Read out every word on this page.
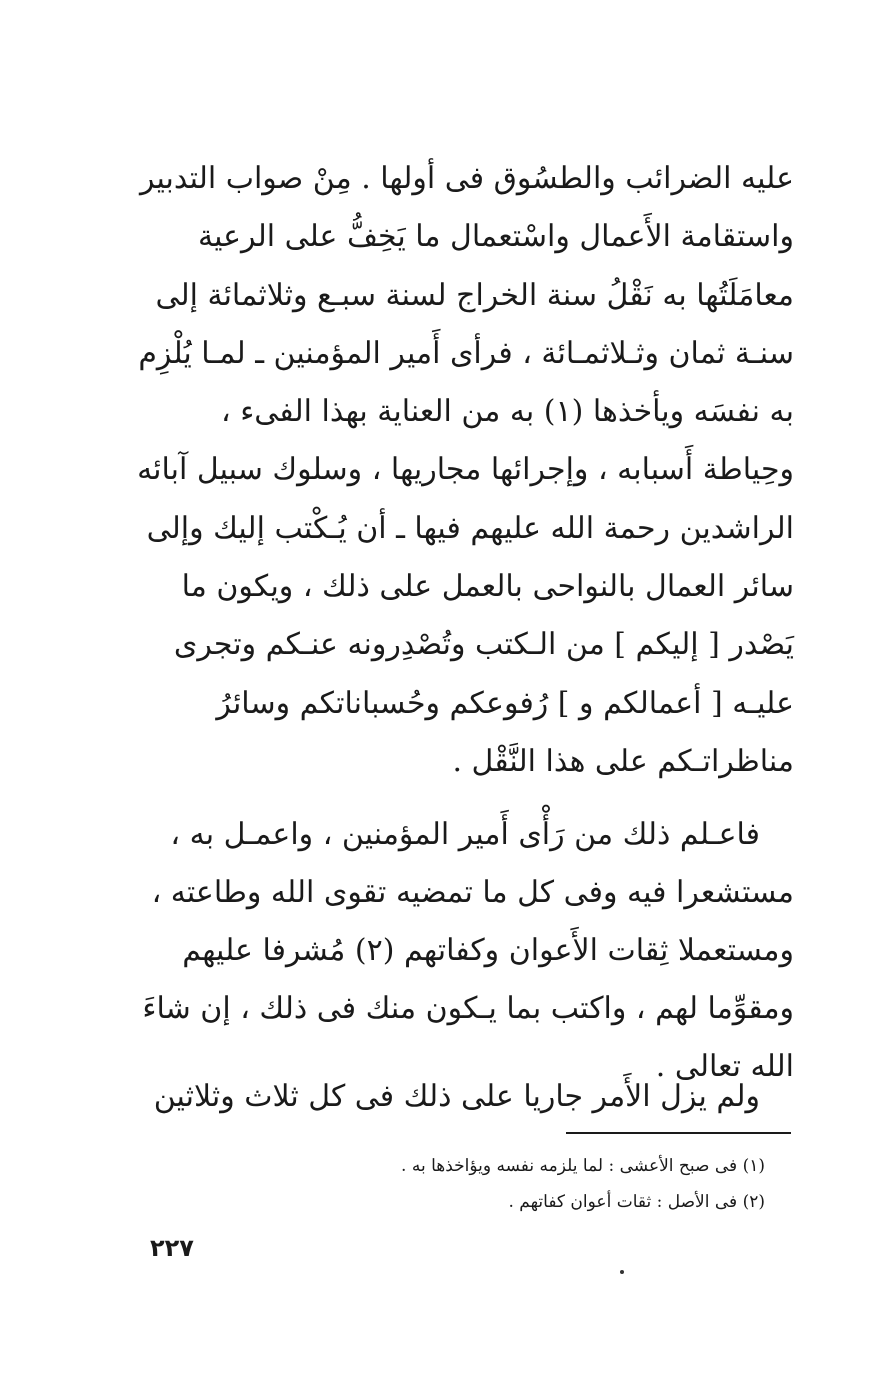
عليه الضرائب والطسُوق فى أولها . مِنْ صواب التدبير واستقامة الأَعمال واسْتعمال ما يَخِفُّ على الرعية معامَلَتُها به نَقْلُ سنة الخراج لسنة سبـع وثلاثمائة إلى سنـة ثمان وثـلاثمـائة ، فرأى أَمير المؤمنين ـ لمـا يُلْزِم به نفسَه ويأخذها (١) به من العناية بهذا الفىء ، وحِياطة أَسبابه ، وإجرائها مجاريها ، وسلوك سبيل آبائه الراشدين رحمة الله عليهم فيها ـ أن يُـكْتب إليك وإلى سائر العمال بالنواحى بالعمل على ذلك ، ويكون ما يَصْدر [ إليكم ] من الـكتب وتُصْدِرونه عنـكم وتجرى عليـه [ أعمالكم و ] رُفوعكم وحُسباناتكم وسائرُ مناظراتـكم على هذا النَّقْل .

فاعـلم ذلك من رَأْى أَمير المؤمنين ، واعمـل به ، مستشعرا فيه وفى كل ما تمضيه تقوى الله وطاعته ، ومستعملا ثِقات الأَعوان وكفاتهم (٢) مُشرفا عليهم ومقوِّما لهم ، واكتب بما يـكون منك فى ذلك ، إن شاءَ الله تعالى .

ولم يزل الأَمر جاريا على ذلك فى كل ثلاث وثلاثين

(١) فى صبح الأعشى : لما يلزمه نفسه ويؤاخذها به .

(٢) فى الأصل : ثقات أعوان كفاتهم .

٢٢٧
